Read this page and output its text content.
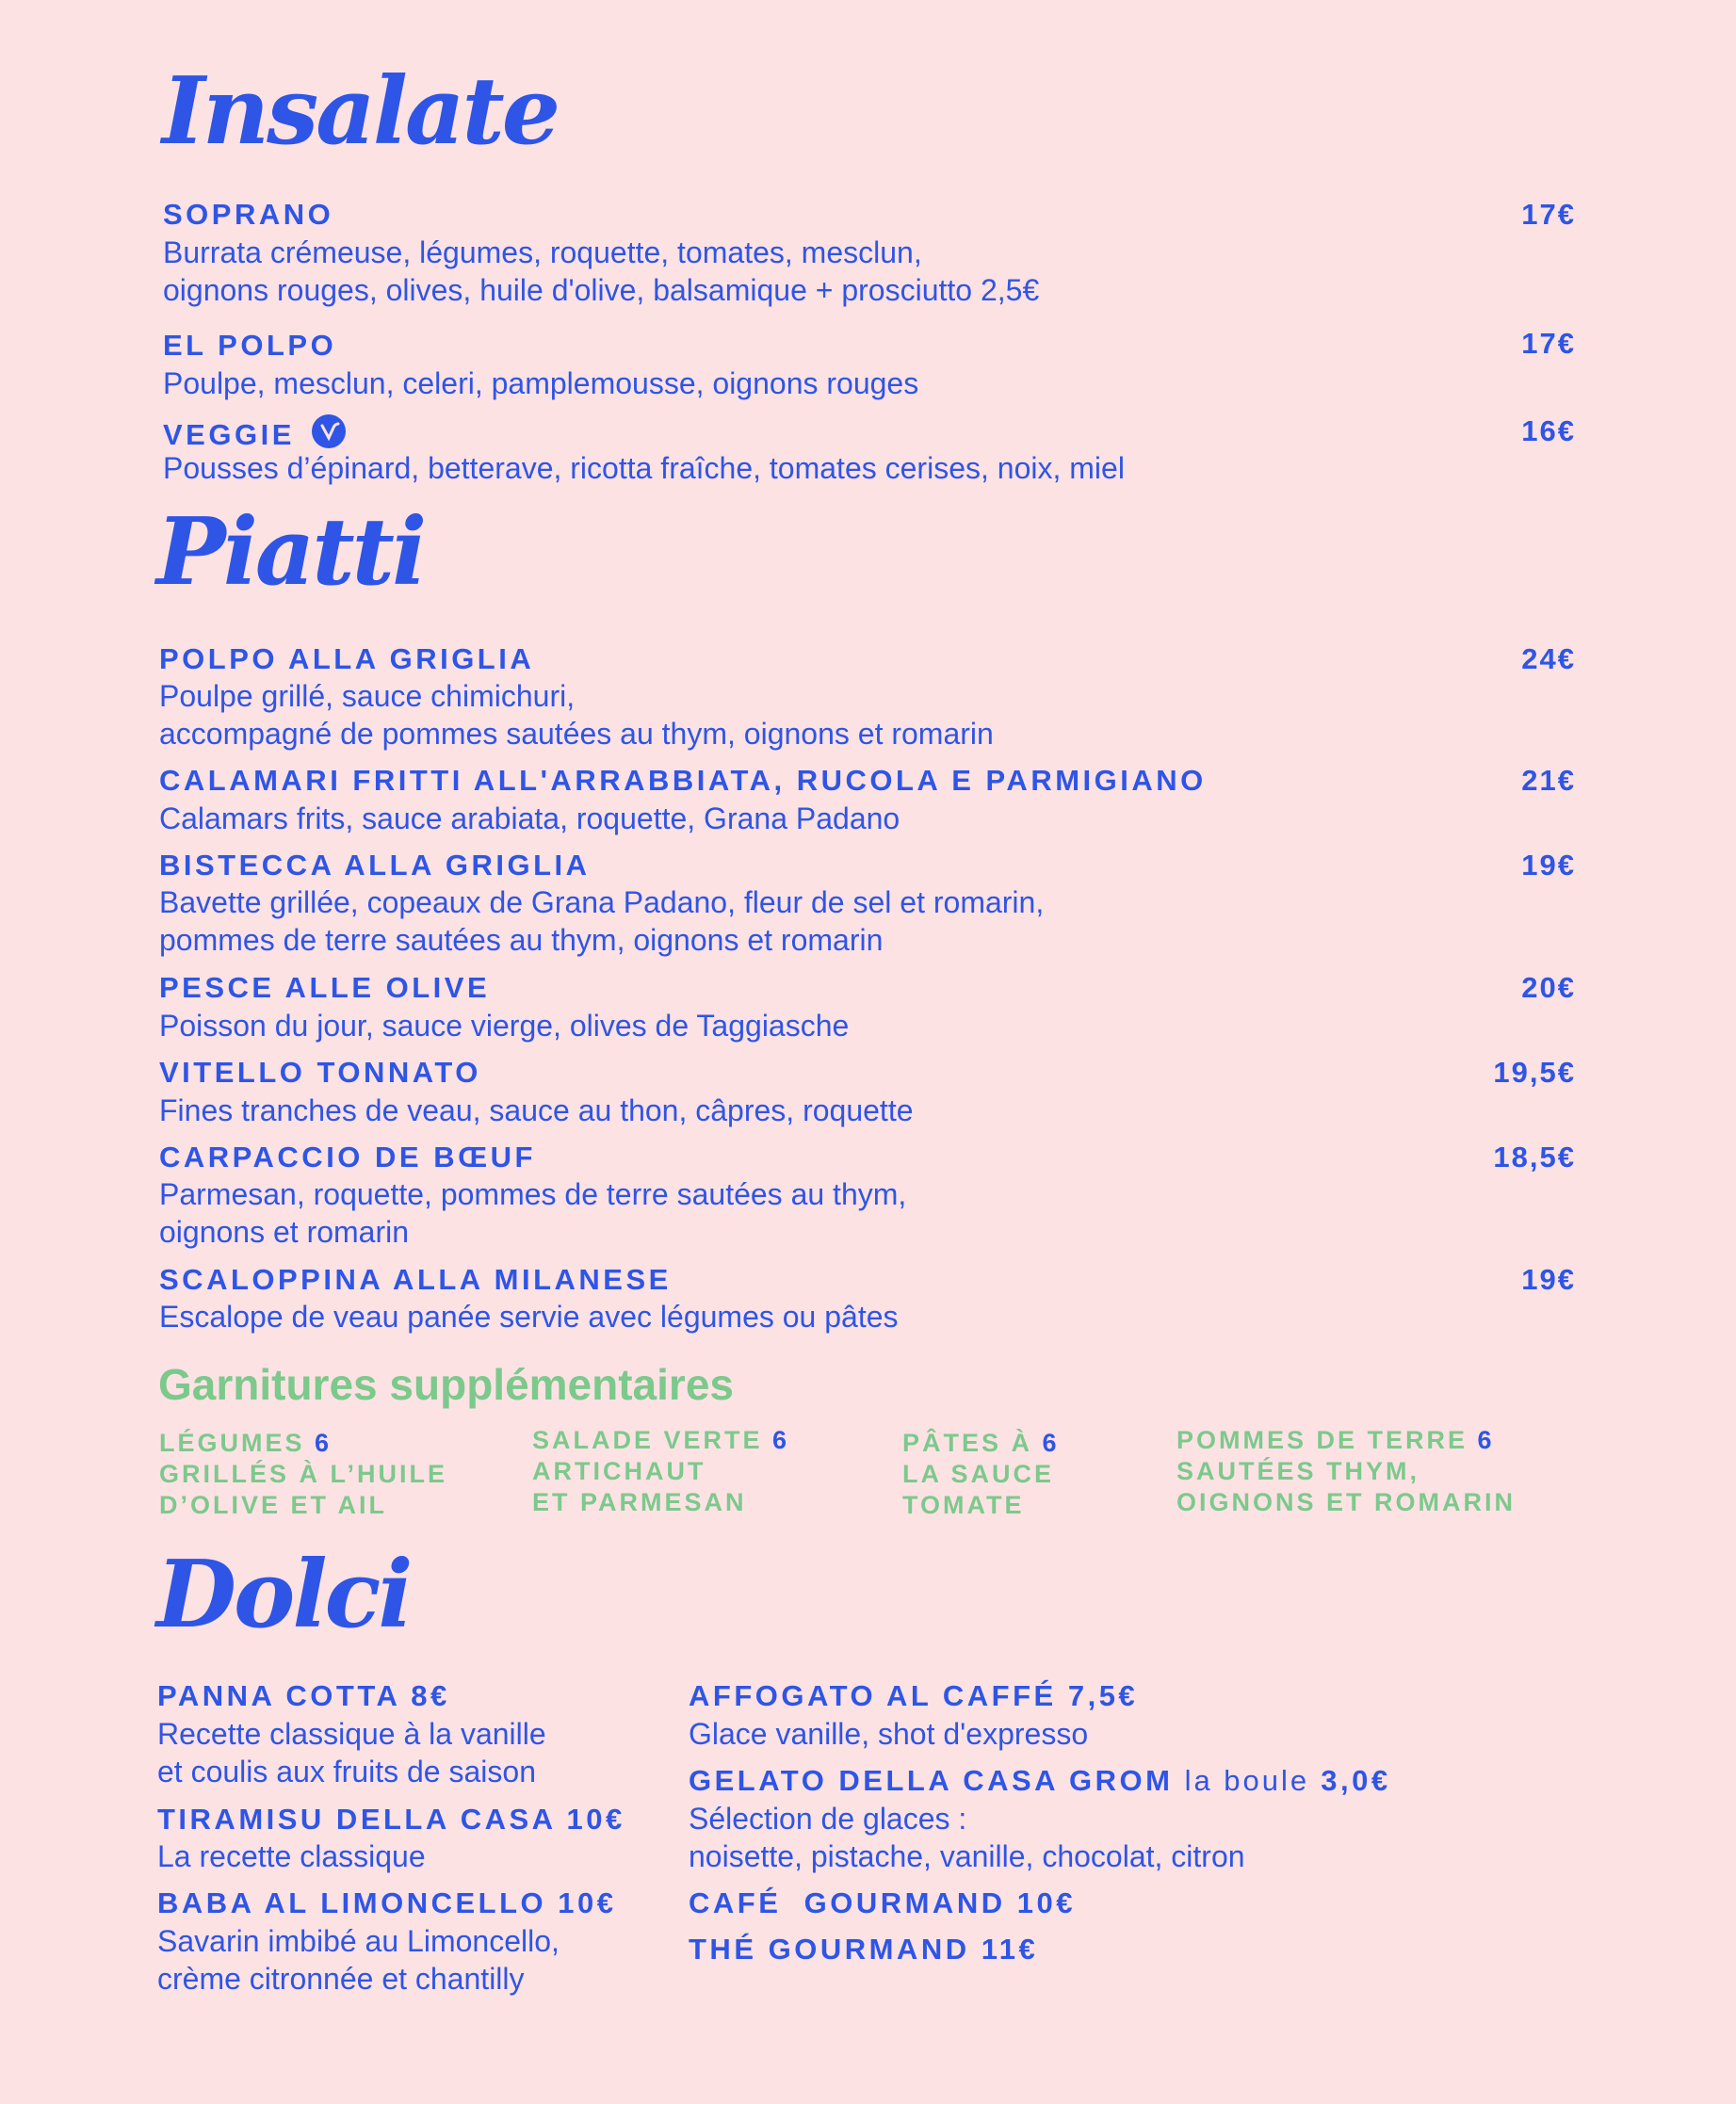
Insalate
SOPRANO	17€
Burrata crémeuse, légumes, roquette, tomates, mesclun,
oignons rouges, olives, huile d'olive, balsamique + prosciutto 2,5€
EL POLPO	17€
Poulpe, mesclun, celeri, pamplemousse, oignons rouges
VEGGIE	16€
Pousses d’épinard, betterave, ricotta fraîche, tomates cerises, noix, miel
Piatti
POLPO ALLA GRIGLIA	24€
Poulpe grillé, sauce chimichuri,
accompagné de pommes sautées au thym, oignons et romarin
CALAMARI FRITTI ALL'ARRABBIATA, RUCOLA E PARMIGIANO	21€
Calamars frits, sauce arabiata, roquette, Grana Padano
BISTECCA ALLA GRIGLIA	19€
Bavette grillée, copeaux de Grana Padano, fleur de sel et romarin,
pommes de terre sautées au thym, oignons et romarin
PESCE ALLE OLIVE	20€
Poisson du jour, sauce vierge, olives de Taggiasche
VITELLO TONNATO	19,5€
Fines tranches de veau, sauce au thon, câpres, roquette
CARPACCIO DE BŒUF	18,5€
Parmesan, roquette, pommes de terre sautées au thym,
oignons et romarin
SCALOPPINA ALLA MILANESE	19€
Escalope de veau panée servie avec légumes ou pâtes
Garnitures supplémentaires
LÉGUMES 6
GRILLÉS À L’HUILE
D’OLIVE ET AIL
SALADE VERTE 6
ARTICHAUT
ET PARMESAN
PÂTES À 6
LA SAUCE
TOMATE
POMMES DE TERRE 6
SAUTÉES THYM,
OIGNONS ET ROMARIN
Dolci
PANNA COTTA 8€
Recette classique à la vanille
et coulis aux fruits de saison
TIRAMISU DELLA CASA 10€
La recette classique
BABA AL LIMONCELLO 10€
Savarin imbibé au Limoncello,
crème citronnée et chantilly
AFFOGATO AL CAFFÉ 7,5€
Glace vanille, shot d'expresso
GELATO DELLA CASA GROM la boule 3,0€
Sélection de glaces :
noisette, pistache, vanille, chocolat, citron
CAFÉ  GOURMAND 10€
THÉ GOURMAND 11€
